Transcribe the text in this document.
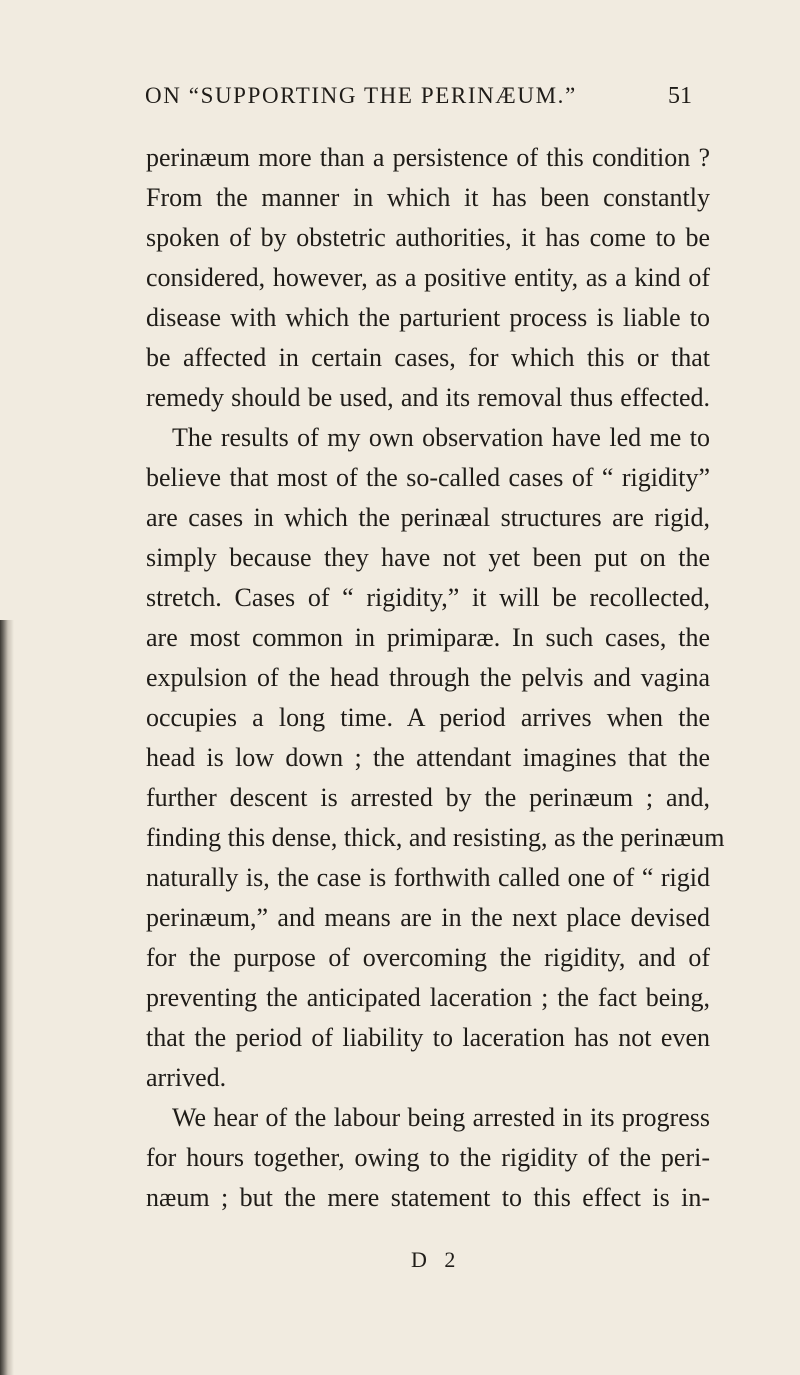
ON “SUPPORTING THE PERINÆUM.”	51
perinæum more than a persistence of this condition ?
From the manner in which it has been constantly
spoken of by obstetric authorities, it has come to be
considered, however, as a positive entity, as a kind of
disease with which the parturient process is liable to
be affected in certain cases, for which this or that
remedy should be used, and its removal thus effected.
The results of my own observation have led me to
believe that most of the so-called cases of “ rigidity”
are cases in which the perinæal structures are rigid,
simply because they have not yet been put on the
stretch. Cases of “ rigidity,” it will be recollected,
are most common in primiparæ. In such cases, the
expulsion of the head through the pelvis and vagina
occupies a long time. A period arrives when the
head is low down ; the attendant imagines that the
further descent is arrested by the perinæum ; and,
finding this dense, thick, and resisting, as the perinæum
naturally is, the case is forthwith called one of “ rigid
perinæum,” and means are in the next place devised
for the purpose of overcoming the rigidity, and of
preventing the anticipated laceration ; the fact being,
that the period of liability to laceration has not even
arrived.
We hear of the labour being arrested in its progress
for hours together, owing to the rigidity of the peri-
næum ; but the mere statement to this effect is in-
D 2
